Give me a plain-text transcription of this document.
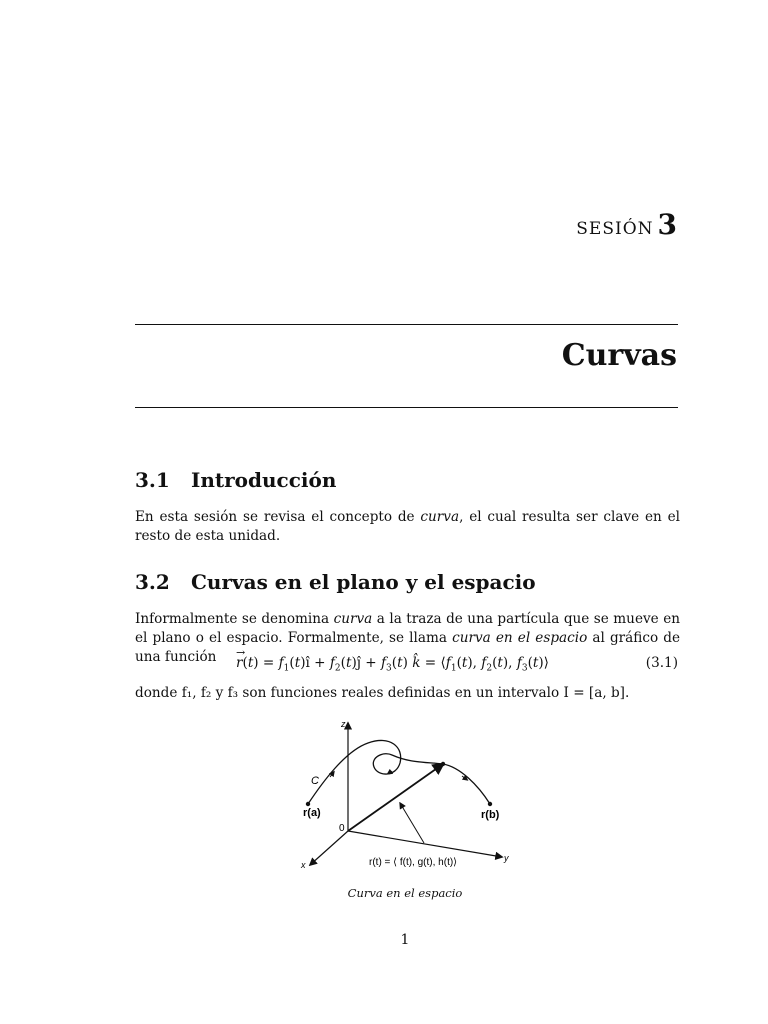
SESIÓN 3
Curvas
3.1 Introducción

En esta sesión se revisa el concepto de curva, el cual resulta ser clave en el resto de esta unidad.

3.2 Curvas en el plano y el espacio

Informalmente se denomina curva a la traza de una partícula que se mueve en el plano o el espacio. Formalmente, se llama curva en el espacio al gráfico de una función	→
$r(t) = f_1(t)ı̂$ + $f_2(t)ȷ̂ + f_3(t)$ k̂ = $⟨f_1(t)$, $f_2(t)$, $f_3(t)⟩$	(3.1)

donde f₁, f₂ y f₃ son funciones reales definidas en un intervalo I = [a, b].

z
y
x
0
C
r(a)	r(b)
r(t) = ⟨ f(t), g(t), h(t)⟩
Curva en el espacio
1
